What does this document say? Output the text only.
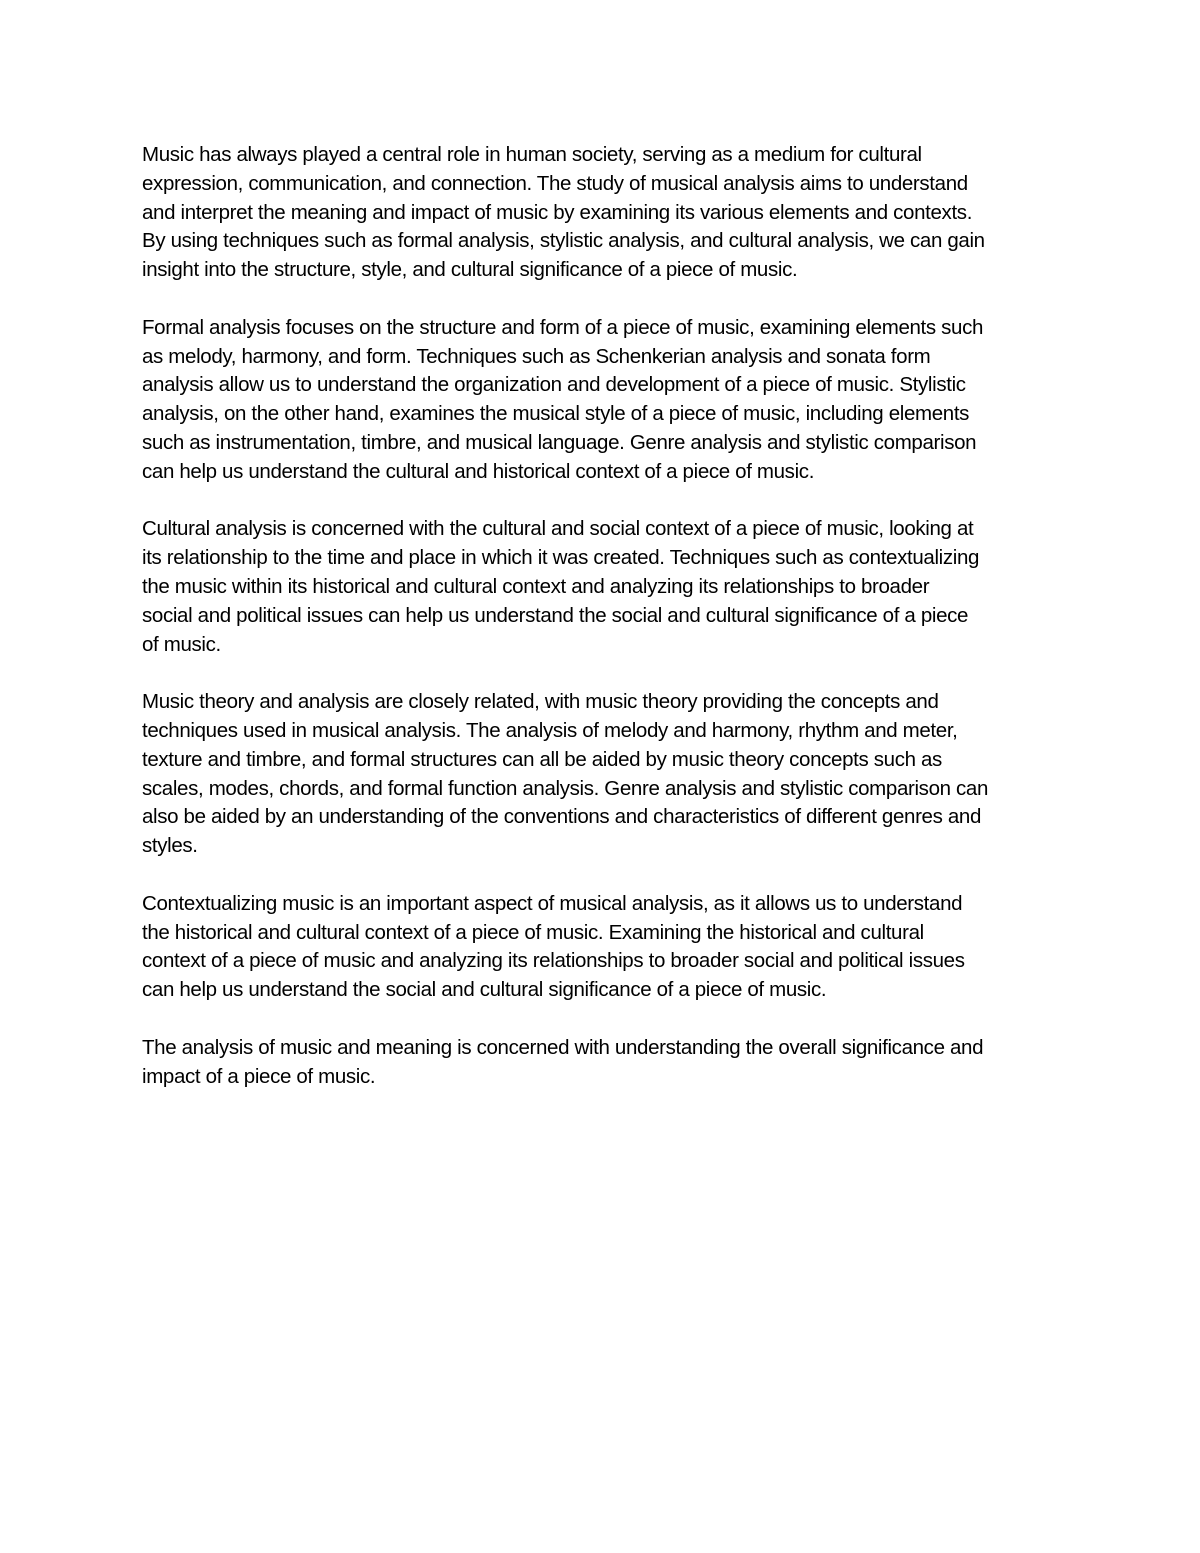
Music has always played a central role in human society, serving as a medium for cultural
expression, communication, and connection. The study of musical analysis aims to understand
and interpret the meaning and impact of music by examining its various elements and contexts.
By using techniques such as formal analysis, stylistic analysis, and cultural analysis, we can gain
insight into the structure, style, and cultural significance of a piece of music.

Formal analysis focuses on the structure and form of a piece of music, examining elements such
as melody, harmony, and form. Techniques such as Schenkerian analysis and sonata form
analysis allow us to understand the organization and development of a piece of music. Stylistic
analysis, on the other hand, examines the musical style of a piece of music, including elements
such as instrumentation, timbre, and musical language. Genre analysis and stylistic comparison
can help us understand the cultural and historical context of a piece of music.

Cultural analysis is concerned with the cultural and social context of a piece of music, looking at
its relationship to the time and place in which it was created. Techniques such as contextualizing
the music within its historical and cultural context and analyzing its relationships to broader
social and political issues can help us understand the social and cultural significance of a piece
of music.

Music theory and analysis are closely related, with music theory providing the concepts and
techniques used in musical analysis. The analysis of melody and harmony, rhythm and meter,
texture and timbre, and formal structures can all be aided by music theory concepts such as
scales, modes, chords, and formal function analysis. Genre analysis and stylistic comparison can
also be aided by an understanding of the conventions and characteristics of different genres and
styles.

Contextualizing music is an important aspect of musical analysis, as it allows us to understand
the historical and cultural context of a piece of music. Examining the historical and cultural
context of a piece of music and analyzing its relationships to broader social and political issues
can help us understand the social and cultural significance of a piece of music.

The analysis of music and meaning is concerned with understanding the overall significance and
impact of a piece of music.
